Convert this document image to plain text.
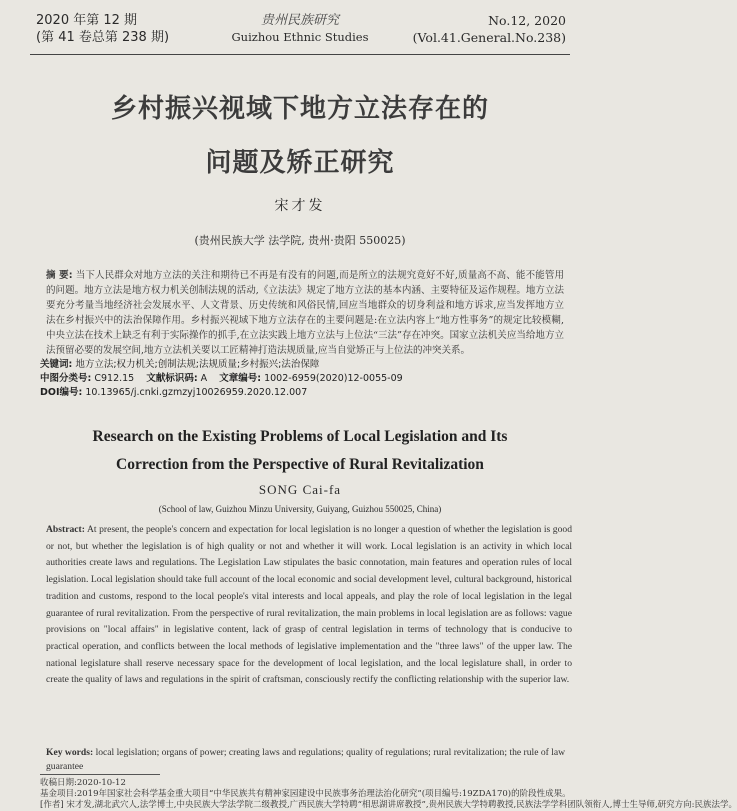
2020 年第 12 期
(第 41 卷总第 238 期)
贵州民族研究
Guizhou Ethnic Studies
No.12, 2020
(Vol.41.General.No.238)
乡村振兴视域下地方立法存在的
问题及矫正研究
宋才发
(贵州民族大学 法学院, 贵州·贵阳 550025)
摘 要: 当下人民群众对地方立法的关注和期待已不再是有没有的问题,而是所立的法规究竟好不好,质量高不高、能不能管用的问题。地方立法是地方权力机关创制法规的活动,《立法法》规定了地方立法的基本内涵、主要特征及运作规程。地方立法要充分考量当地经济社会发展水平、人文背景、历史传统和风俗民情,回应当地群众的切身利益和地方诉求,应当发挥地方立法在乡村振兴中的法治保障作用。乡村振兴视域下地方立法存在的主要问题是:在立法内容上“地方性事务”的规定比较模糊,中央立法在技术上缺乏有利于实际操作的抓手,在立法实践上地方立法与上位法“三法”存在冲突。国家立法机关应当给地方立法预留必要的发展空间,地方立法机关要以工匠精神打造法规质量,应当自觉矫正与上位法的冲突关系。
关键词: 地方立法;权力机关;创制法规;法规质量;乡村振兴;法治保障
中图分类号: C912.15 文献标识码: A 文章编号: 1002-6959(2020)12-0055-09
DOI编号: 10.13965/j.cnki.gzmzyj10026959.2020.12.007
Research on the Existing Problems of Local Legislation and Its
Correction from the Perspective of Rural Revitalization
SONG Cai-fa
(School of law, Guizhou Minzu University, Guiyang, Guizhou 550025, China)
Abstract: At present, the people's concern and expectation for local legislation is no longer a question of whether the legislation is good or not, but whether the legislation is of high quality or not and whether it will work. Local legislation is an activity in which local authorities create laws and regulations. The Legislation Law stipulates the basic connotation, main features and operation rules of local legislation. Local legislation should take full account of the local economic and social development level, cultural background, historical tradition and customs, respond to the local people's vital interests and local appeals, and play the role of local legislation in the legal guarantee of rural revitalization. From the perspective of rural revitalization, the main problems in local legislation are as follows: vague provisions on "local affairs" in legislative content, lack of grasp of central legislation in terms of technology that is conducive to practical operation, and conflicts between the local methods of legislative implementation and the "three laws" of the upper law. The national legislature shall reserve necessary space for the development of local legislation, and the local legislature shall, in order to create the quality of laws and regulations in the spirit of craftsman, consciously rectify the conflicting relationship with the superior law.
Key words: local legislation; organs of power; creating laws and regulations; quality of regulations; rural revitalization; the rule of law guarantee
收稿日期:2020-10-12
基金项目:2019年国家社会科学基金重大项目“中华民族共有精神家园建设中民族事务治理法治化研究”(项目编号:19ZDA170)的阶段性成果。
[作者] 宋才发,湖北武穴人,法学博士,中央民族大学法学院二级教授,广西民族大学特聘“相思湖讲席教授”,贵州民族大学特聘教授,民族法学学科团队领衔人,博士生导师,研究方向:民族法学。
